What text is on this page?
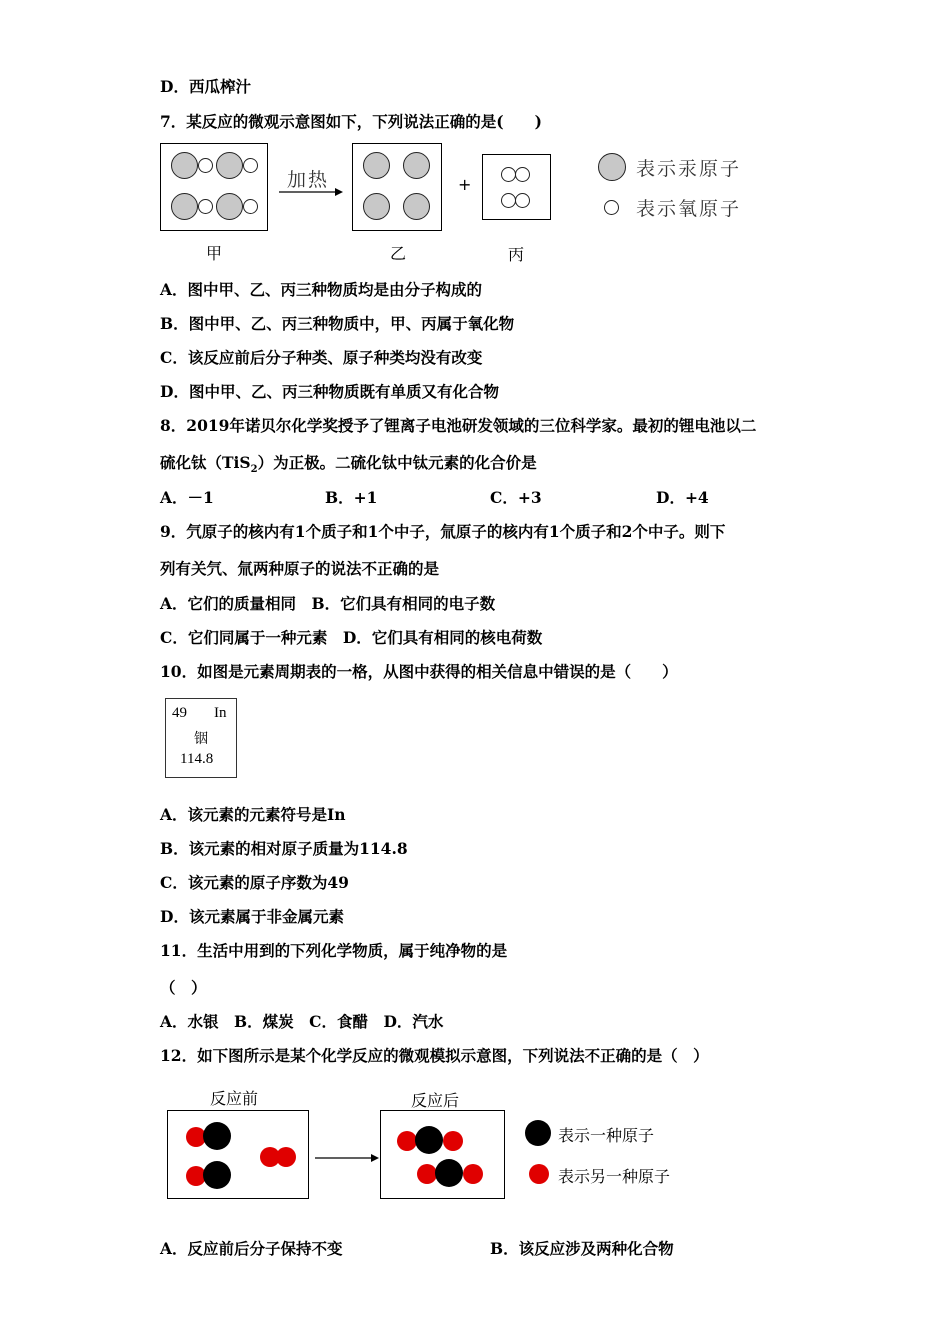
D．西瓜榨汁
7．某反应的微观示意图如下，下列说法正确的是(　　)
甲
加热
乙
+
丙
表示汞原子
表示氧原子
A．图中甲、乙、丙三种物质均是由分子构成的
B．图中甲、乙、丙三种物质中，甲、丙属于氧化物
C．该反应前后分子种类、原子种类均没有改变
D．图中甲、乙、丙三种物质既有单质又有化合物
8．2019年诺贝尔化学奖授予了锂离子电池研发领域的三位科学家。最初的锂电池以二
硫化钛（TiS$_2$）为正极。二硫化钛中钛元素的化合价是
A．－1	B．+1	C．+3	D．+4
9．氕原子的核内有1个质子和1个中子，氚原子的核内有1个质子和2个中子。则下
列有关氕、氚两种原子的说法不正确的是
A．它们的质量相同　B．它们具有相同的电子数
C．它们同属于一种元素　D．它们具有相同的核电荷数
10．如图是元素周期表的一格，从图中获得的相关信息中错误的是（　　）
49 In
铟
114.8
A．该元素的元素符号是In
B．该元素的相对原子质量为114.8
C．该元素的原子序数为49
D．该元素属于非金属元素
11．生活中用到的下列化学物质，属于纯净物的是
（　）
A．水银　B．煤炭　C．食醋　D．汽水
12．如下图所示是某个化学反应的微观模拟示意图，下列说法不正确的是（　）
反应前	反应后
表示一种原子
表示另一种原子
A．反应前后分子保持不变	B．该反应涉及两种化合物
